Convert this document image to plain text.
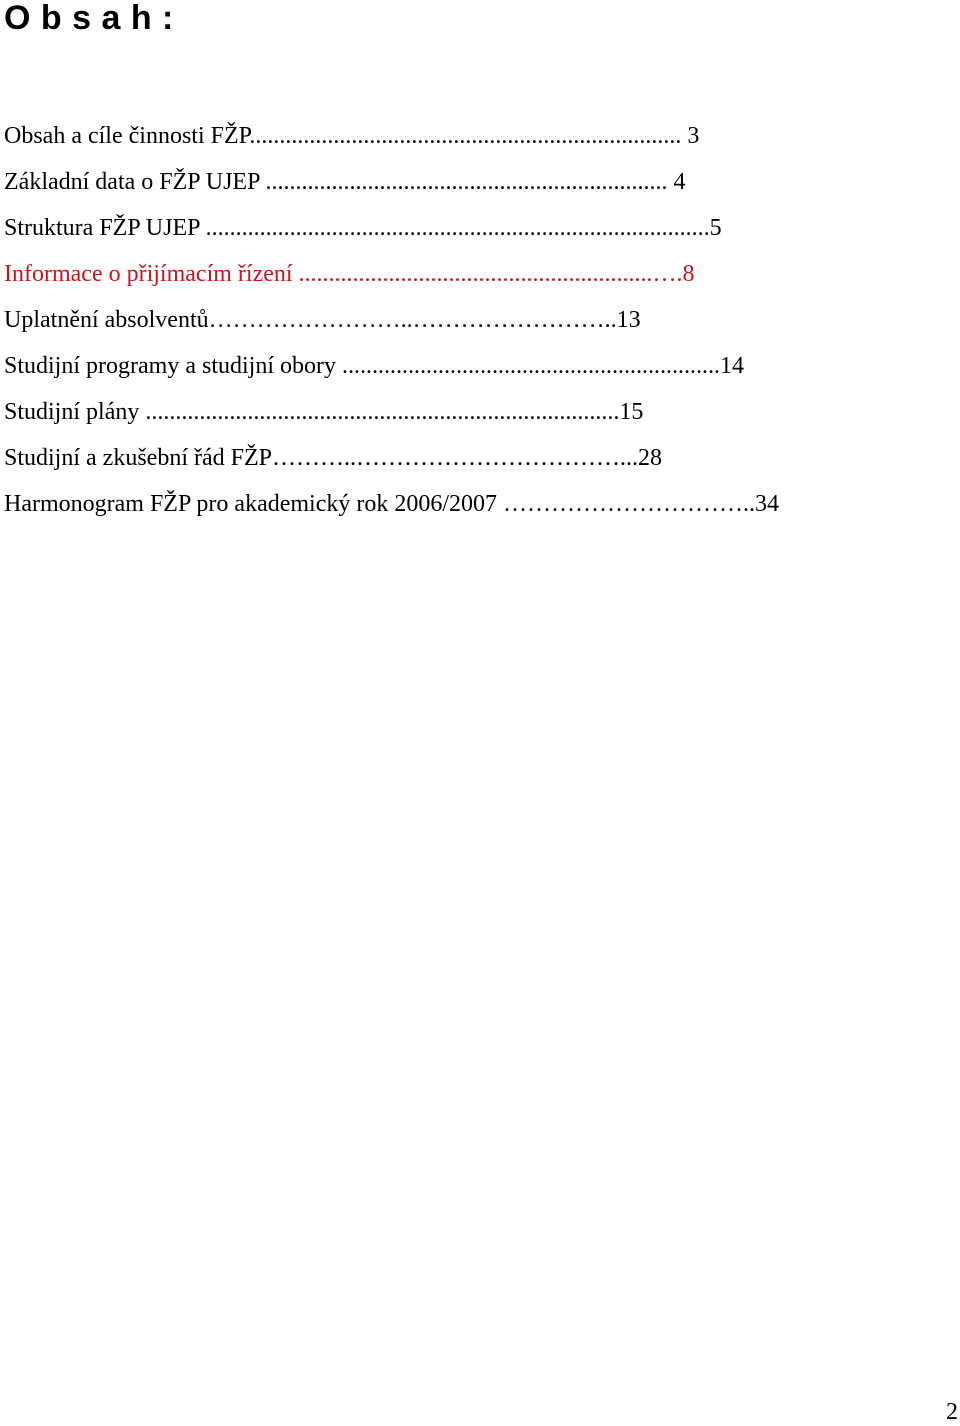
O b s a h :
Obsah a cíle činnosti FŽP........................................................................ 3
Základní data o FŽP UJEP ................................................................... 4
Struktura FŽP UJEP ....................................................................................5
Informace o přijímacím řízení ...........................................................….8
Uplatnění absolventů……………………..……………………..13
Studijní programy a studijní obory ...............................................................14
Studijní plány ...............................................................................15
Studijní a zkušební řád FŽP………..……………………………...28
Harmonogram FŽP pro akademický rok 2006/2007 …………………………..34
2
